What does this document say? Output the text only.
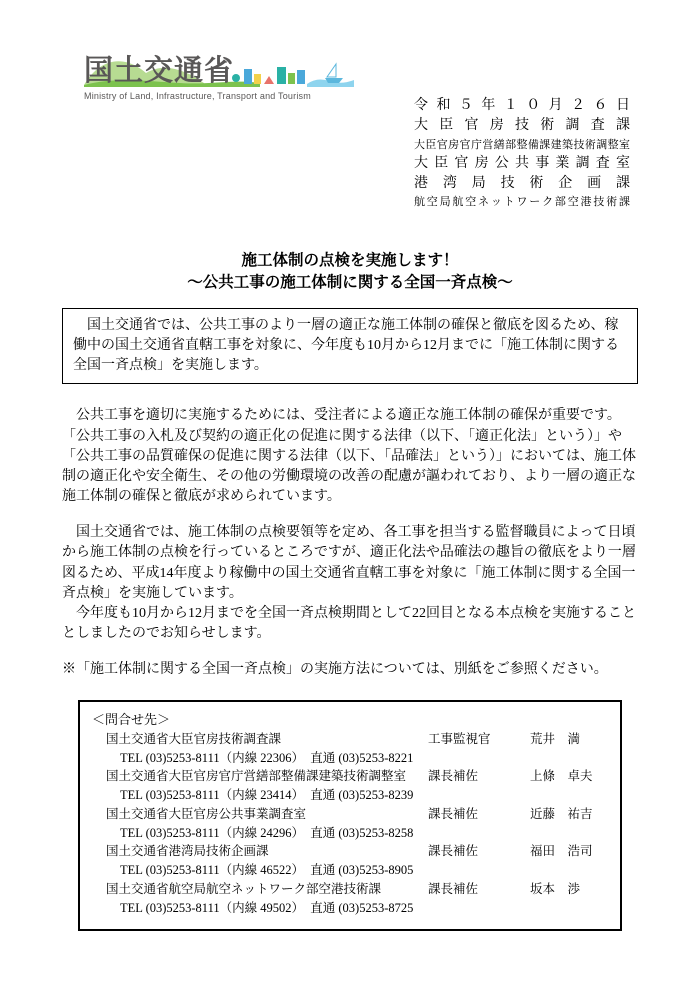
国土交通省
Ministry of Land, Infrastructure, Transport and Tourism
令和５年１０月２６日
大臣官房技術調査課
大臣官房官庁営繕部整備課建築技術調整室
大臣官房公共事業調査室
港湾局技術企画課
航空局航空ネットワーク部空港技術課
施工体制の点検を実施します！
～公共工事の施工体制に関する全国一斉点検～
　国土交通省では、公共工事のより一層の適正な施工体制の確保と徹底を図るため、稼働中の国土交通省直轄工事を対象に、今年度も10月から12月までに「施工体制に関する全国一斉点検」を実施します。

　公共工事を適切に実施するためには、受注者による適正な施工体制の確保が重要です。「公共工事の入札及び契約の適正化の促進に関する法律（以下、「適正化法」という）」や「公共工事の品質確保の促進に関する法律（以下、「品確法」という）」においては、施工体制の適正化や安全衛生、その他の労働環境の改善の配慮が謳われており、より一層の適正な施工体制の確保と徹底が求められています。

　国土交通省では、施工体制の点検要領等を定め、各工事を担当する監督職員によって日頃から施工体制の点検を行っているところですが、適正化法や品確法の趣旨の徹底をより一層図るため、平成14年度より稼働中の国土交通省直轄工事を対象に「施工体制に関する全国一斉点検」を実施しています。

　今年度も10月から12月までを全国一斉点検期間として22回目となる本点検を実施することとしましたのでお知らせします。

※「施工体制に関する全国一斉点検」の実施方法については、別紙をご参照ください。

＜問合せ先＞
国土交通省大臣官房技術調査課	工事監視官	荒井　満
TEL (03)5253-8111（内線 22306）　直通 (03)5253-8221
国土交通省大臣官房官庁営繕部整備課建築技術調整室	課長補佐	上條　卓夫
TEL (03)5253-8111（内線 23414）　直通 (03)5253-8239
国土交通省大臣官房公共事業調査室	課長補佐	近藤　祐吉
TEL (03)5253-8111（内線 24296）　直通 (03)5253-8258
国土交通省港湾局技術企画課	課長補佐	福田　浩司
TEL (03)5253-8111（内線 46522）　直通 (03)5253-8905
国土交通省航空局航空ネットワーク部空港技術課	課長補佐	坂本　渉
TEL (03)5253-8111（内線 49502）　直通 (03)5253-8725
